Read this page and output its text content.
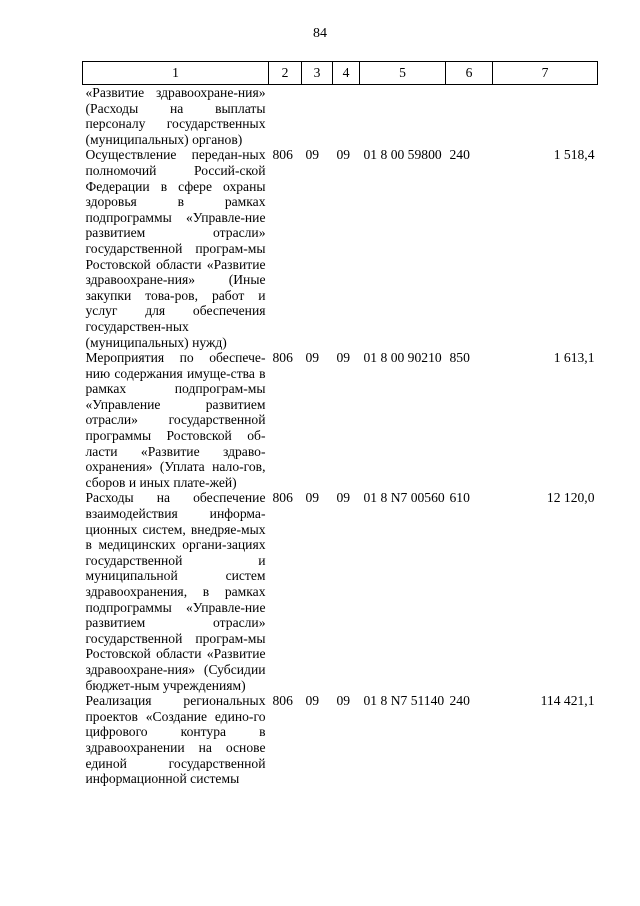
84
1	2	3	4	5	6	7
«Развитие здравоохране-ния» (Расходы на выплаты персоналу государственных (муниципальных) органов)						
Осуществление передан-ных полномочий Россий-ской Федерации в сфере охраны здоровья в рамках подпрограммы «Управле-ние развитием отрасли» государственной програм-мы Ростовской области «Развитие здравоохране-ния» (Иные закупки това-ров, работ и услуг для обеспечения государствен-ных (муниципальных) нужд)	806	09	09	01 8 00 59800	240	1 518,4
Мероприятия по обеспече-нию содержания имуще-ства в рамках подпрограм-мы «Управление развитием отрасли» государственной программы Ростовской об-ласти «Развитие здраво-охранения» (Уплата нало-гов, сборов и иных плате-жей)	806	09	09	01 8 00 90210	850	1 613,1
Расходы на обеспечение взаимодействия информа-ционных систем, внедряе-мых в медицинских органи-зациях государственной и муниципальной систем здравоохранения, в рамках подпрограммы «Управле-ние развитием отрасли» государственной програм-мы Ростовской области «Развитие здравоохране-ния» (Субсидии бюджет-ным учреждениям)	806	09	09	01 8 N7 00560	610	12 120,0
Реализация региональных проектов «Создание едино-го цифрового контура в здравоохранении на основе единой государственной информационной системы	806	09	09	01 8 N7 51140	240	114 421,1
